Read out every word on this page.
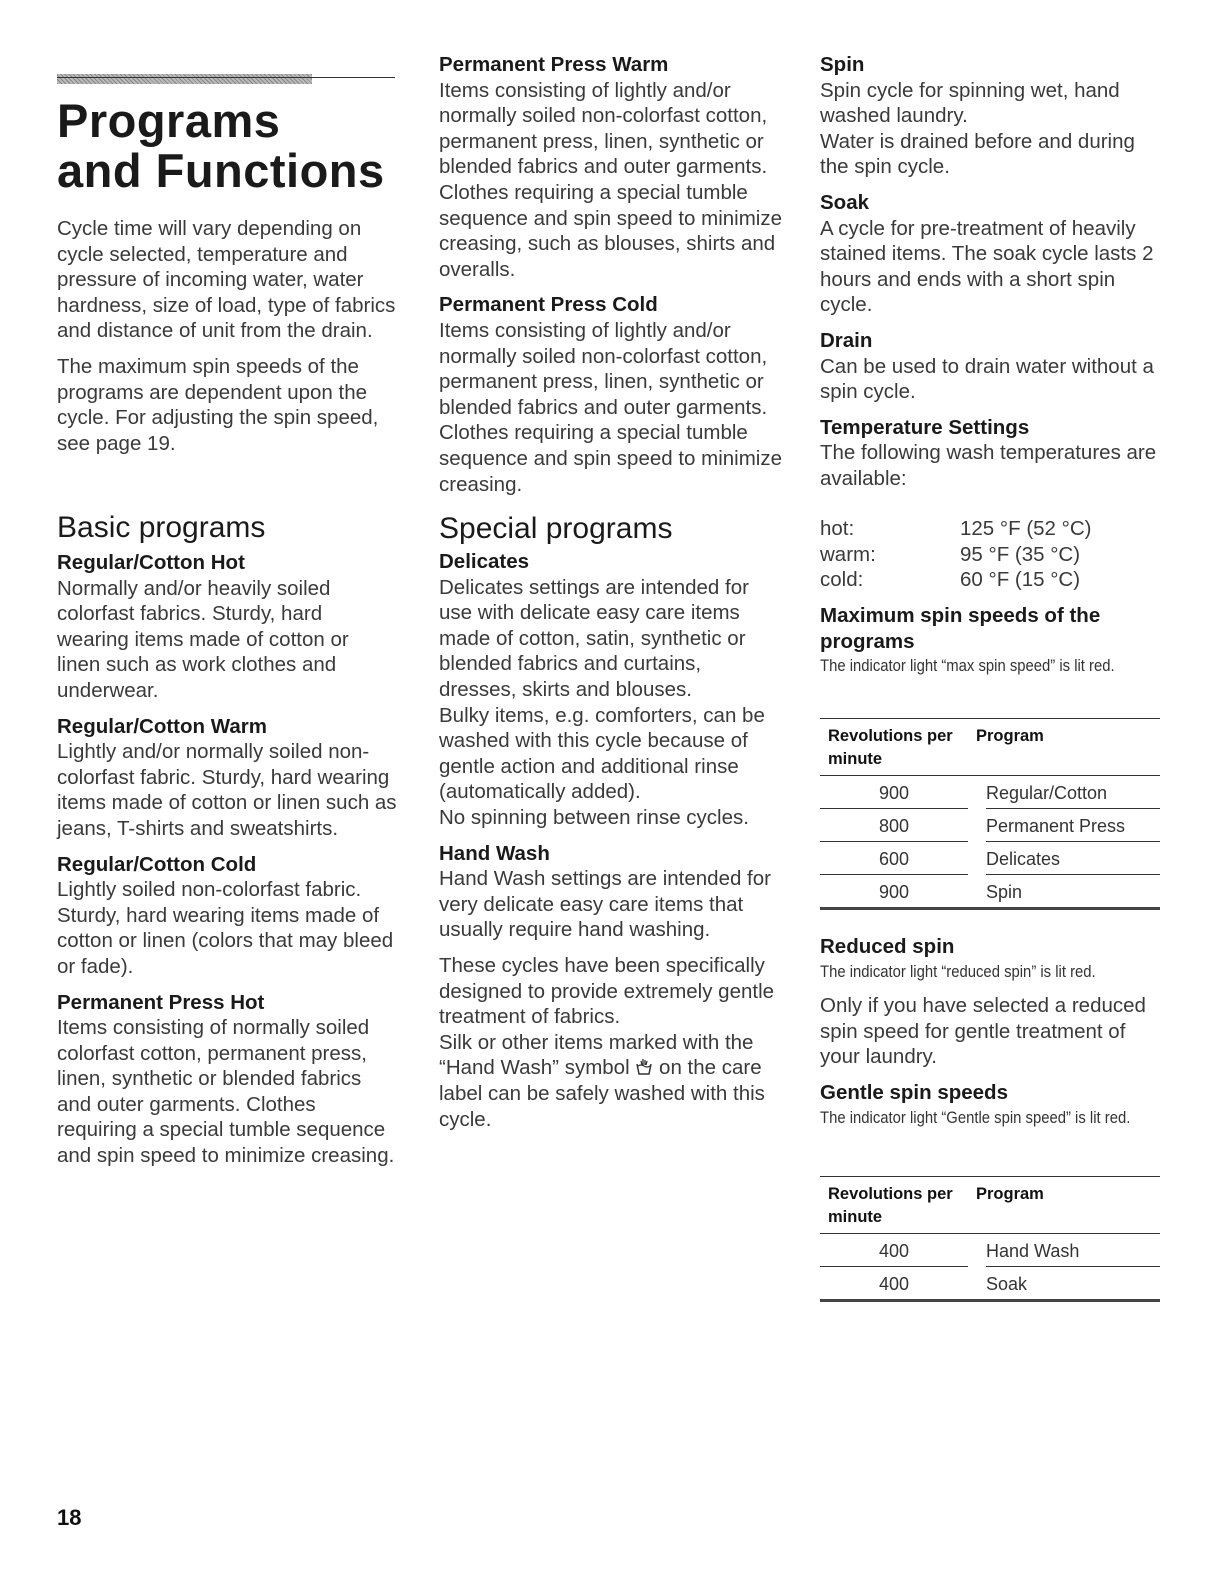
Programs
and Functions

Cycle time will vary depending on cycle selected, temperature and pressure of incoming water, water hardness, size of load, type of fabrics and distance of unit from the drain.

The maximum spin speeds of the programs are dependent upon the cycle. For adjusting the spin speed, see page 19.

Basic programs
Regular/Cotton Hot

Normally and/or heavily soiled colorfast fabrics. Sturdy, hard wearing items made of cotton or linen such as work clothes and underwear.

Regular/Cotton Warm

Lightly and/or normally soiled non-colorfast fabric. Sturdy, hard wearing items made of cotton or linen such as jeans, T-shirts and sweatshirts.

Regular/Cotton Cold

Lightly soiled non-colorfast fabric. Sturdy, hard wearing items made of cotton or linen (colors that may bleed or fade).

Permanent Press Hot

Items consisting of normally soiled colorfast cotton, permanent press, linen, synthetic or blended fabrics and outer garments. Clothes requiring a special tumble sequence and spin speed to minimize creasing.

Permanent Press Warm

Items consisting of lightly and/or normally soiled non-colorfast cotton, permanent press, linen, synthetic or blended fabrics and outer garments. Clothes requiring a special tumble sequence and spin speed to minimize creasing, such as blouses, shirts and overalls.

Permanent Press Cold

Items consisting of lightly and/or normally soiled non-colorfast cotton, permanent press, linen, synthetic or blended fabrics and outer garments. Clothes requiring a special tumble sequence and spin speed to minimize creasing.

Special programs
Delicates

Delicates settings are intended for use with delicate easy care items made of cotton, satin, synthetic or blended fabrics and curtains, dresses, skirts and blouses.

Bulky items, e.g. comforters, can be washed with this cycle because of gentle action and additional rinse (automatically added).

No spinning between rinse cycles.

Hand Wash

Hand Wash settings are intended for very delicate easy care items that usually require hand washing.

These cycles have been specifically designed to provide extremely gentle treatment of fabrics.

Silk or other items marked with the “Hand Wash” symbol on the care label can be safely washed with this cycle.

Spin

Spin cycle for spinning wet, hand washed laundry.

Water is drained before and during the spin cycle.

Soak

A cycle for pre-treatment of heavily stained items. The soak cycle lasts 2 hours and ends with a short spin cycle.

Drain

Can be used to drain water without a spin cycle.

Temperature Settings

The following wash temperatures are available:

hot:	125 °F (52 °C)
warm:	95 °F (35 °C)
cold:	60 °F (15 °C)
Maximum spin speeds of the programs
The indicator light “max spin speed” is lit red.
Revolutions per minute	Program	
900		Regular/Cotton
800		Permanent Press
600		Delicates
900		Spin
Reduced spin
The indicator light “reduced spin” is lit red.

Only if you have selected a reduced spin speed for gentle treatment of your laundry.

Gentle spin speeds
The indicator light “Gentle spin speed” is lit red.
Revolutions per minute	Program	
400		Hand Wash
400		Soak
18
